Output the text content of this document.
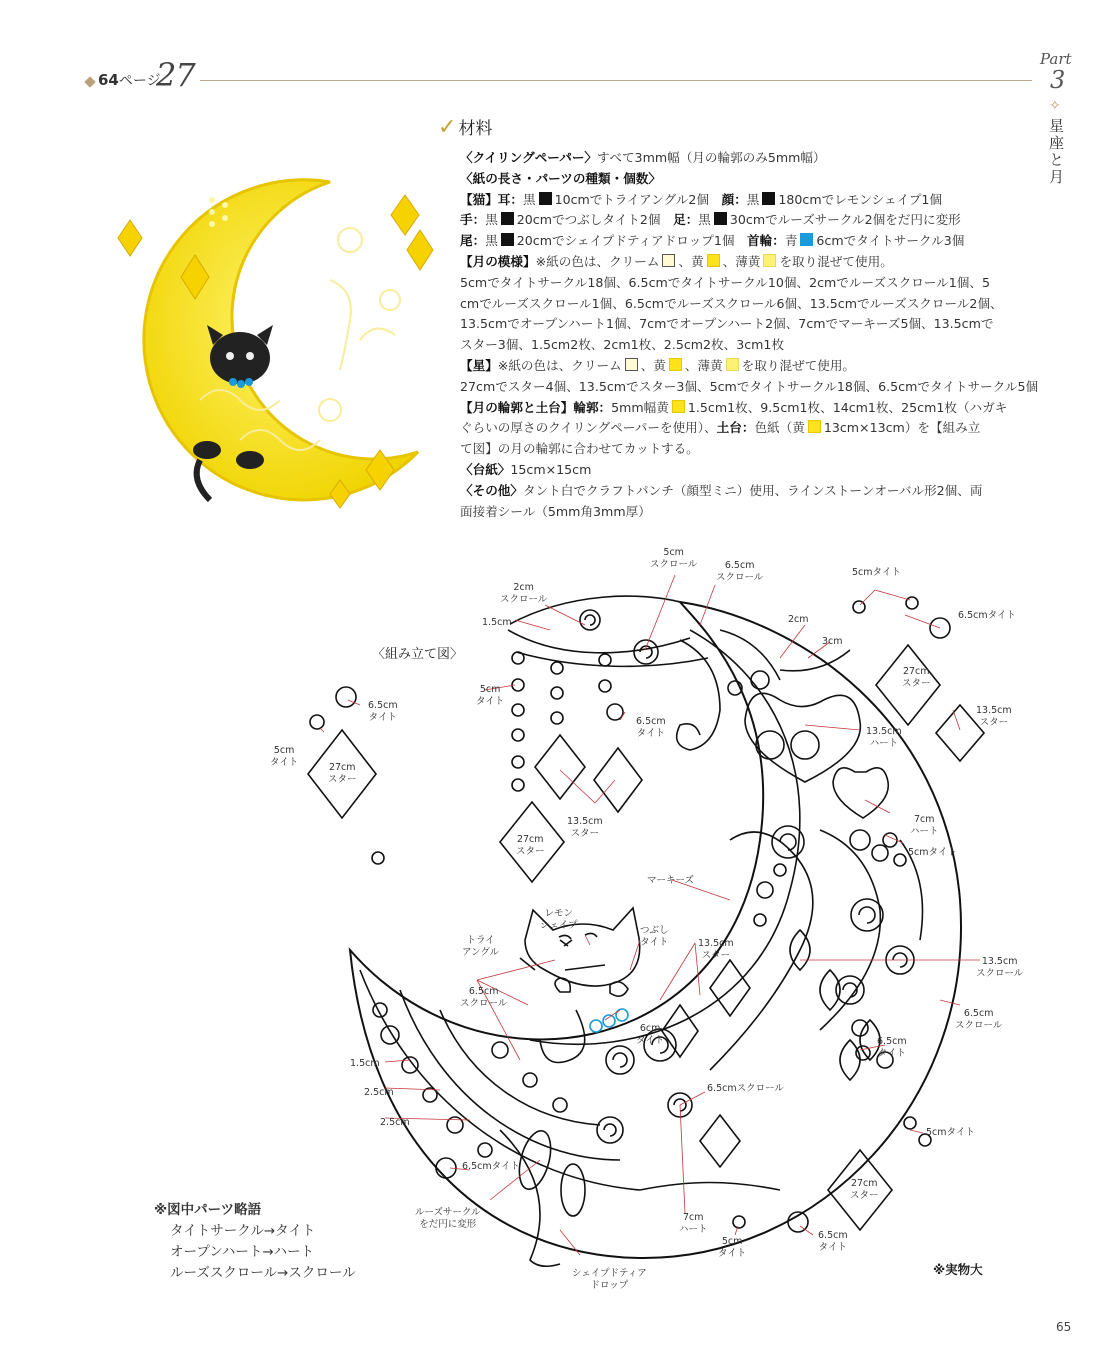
64ページ
27	Part
3
✧
星座と月
✓ 材料
〈クイリングペーパー〉すべて3mm幅（月の輪郭のみ5mm幅）
〈紙の長さ・パーツの種類・個数〉
【猫】耳：黒 10cmでトライアングル2個　顔：黒 180cmでレモンシェイプ1個
手：黒 20cmでつぶしタイト2個　足：黒 30cmでルーズサークル2個をだ円に変形
尾：黒 20cmでシェイプドティアドロップ1個　首輪：青 6cmでタイトサークル3個
【月の模様】※紙の色は、クリーム 、黄 、薄黄 を取り混ぜて使用。
5cmでタイトサークル18個、6.5cmでタイトサークル10個、2cmでルーズスクロール1個、5
cmでルーズスクロール1個、6.5cmでルーズスクロール6個、13.5cmでルーズスクロール2個、
13.5cmでオープンハート1個、7cmでオープンハート2個、7cmでマーキーズ5個、13.5cmで
スター3個、1.5cm2枚、2cm1枚、2.5cm2枚、3cm1枚
【星】※紙の色は、クリーム 、黄 、薄黄 を取り混ぜて使用。
27cmでスター4個、13.5cmでスター3個、5cmでタイトサークル18個、6.5cmでタイトサークル5個
【月の輪郭と土台】輪郭：5mm幅黄 1.5cm1枚、9.5cm1枚、14cm1枚、25cm1枚（ハガキ
ぐらいの厚さのクイリングペーパーを使用）、土台：色紙（黄 13cm×13cm）を【組み立
て図】の月の輪郭に合わせてカットする。
〈台紙〉15cm×15cm
〈その他〉タント白でクラフトパンチ（顔型ミニ）使用、ラインストーンオーバル形2個、両
面接着シール（5mm角3mm厚）
〈組み立て図〉
5cm
スクロール	6.5cm
スクロール
2cm
スクロール
1.5cm	2cm
3cm
5cmタイト
6.5cmタイト
27cm
スター
13.5cm
スター
13.5cm
ハート
7cm
ハート
5cmタイト
5cm
タイト
6.5cm
タイト
6.5cm
タイト
5cm
タイト	27cm
スター
13.5cm
スター
27cm
スター
マーキーズ
レモン
シェイプ	つぶし
タイト
トライ
アングル
13.5cm
スター
13.5cm
スクロール
6.5cm
スクロール
6.5cm
スクロール
6cm
タイト	6.5cm
タイト
1.5cm
2.5cm
2.5cm
6.5cmスクロール
5cmタイト
27cm
スター
6.5cmタイト
ルーズサークル
をだ円に変形
7cm
ハート
5cm
タイト
6.5cm
タイト
シェイプドティア
ドロップ
※図中パーツ略語
タイトサークル→タイト
オープンハート→ハート
ルーズスクロール→スクロール	※実物大
65
